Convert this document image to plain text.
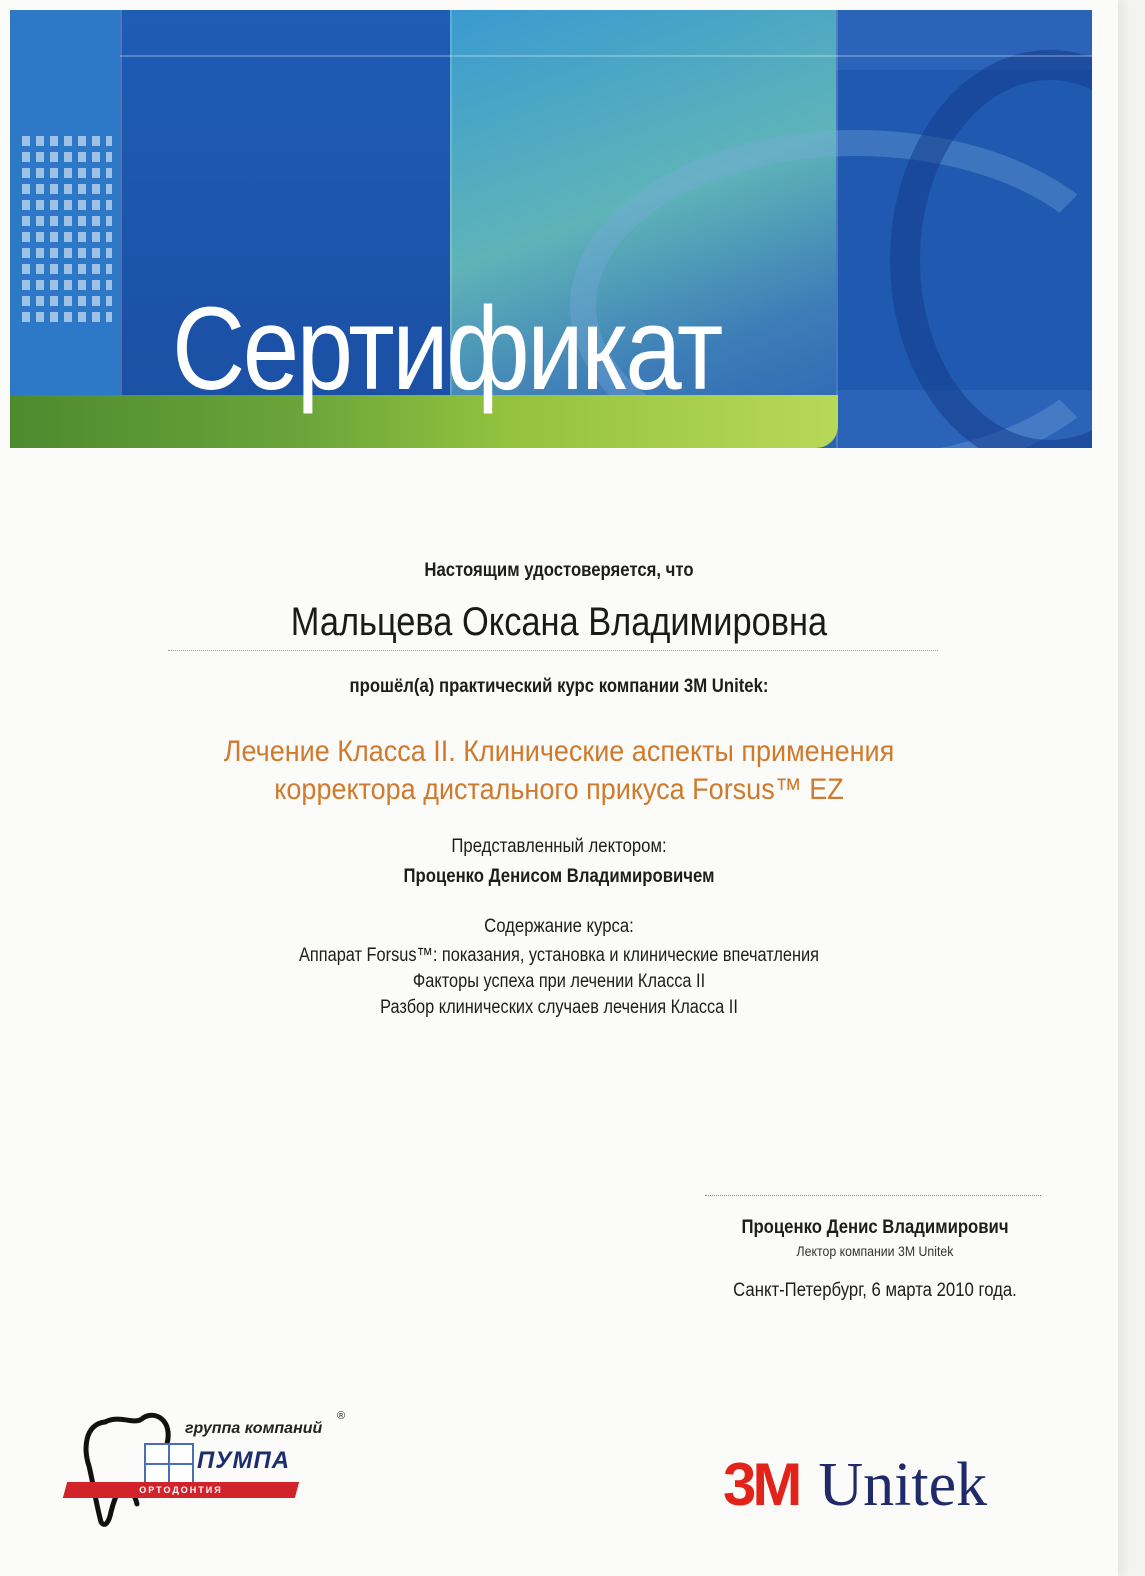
Сертификат
Настоящим удостоверяется, что
Мальцева Оксана Владимировна
прошёл(а) практический курс компании 3M Unitek:
Лечение Класса II. Клинические аспекты применения
корректора дистального прикуса Forsus™ EZ
Представленный лектором:
Проценко Денисом Владимировичем
Содержание курса:
Аппарат Forsus™: показания, установка и клинические впечатления
Факторы успеха при лечении Класса II
Разбор клинических случаев лечения Класса II
Проценко Денис Владимирович
Лектор компании 3M Unitek
Санкт-Петербург, 6 марта 2010 года.
группа компаний
®
ПУМПА
ОРТОДОНТИЯ	3M Unitek
